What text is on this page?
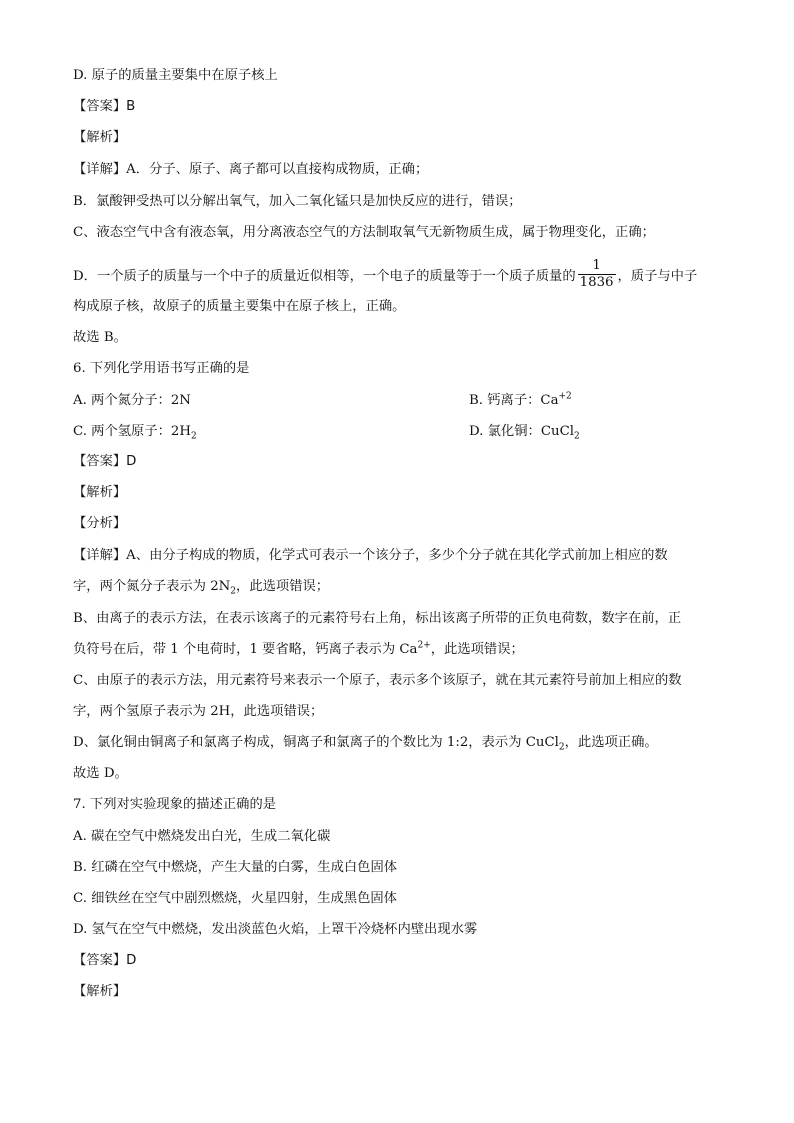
D. 原子的质量主要集中在原子核上
【答案】B
【解析】
【详解】A．分子、原子、离子都可以直接构成物质，正确；
B．氯酸钾受热可以分解出氧气，加入二氧化锰只是加快反应的进行，错误；
C、液态空气中含有液态氧，用分离液态空气的方法制取氧气无新物质生成，属于物理变化，正确；
D．一个质子的质量与一个中子的质量近似相等，一个电子的质量等于一个质子质量的 $\frac{1}{1836}$ ，质子与中子
构成原子核，故原子的质量主要集中在原子核上，正确。
故选 B。
6. 下列化学用语书写正确的是
A. 两个氮分子：2N	B. 钙离子：$Ca^{+2}$
C. 两个氢原子：$2H_2$	D. 氯化铜：CuCl$_2$
【答案】D
【解析】
【分析】
【详解】A、由分子构成的物质，化学式可表示一个该分子，多少个分子就在其化学式前加上相应的数
字，两个氮分子表示为 $2N_2$，此选项错误；
B、由离子的表示方法，在表示该离子的元素符号右上角，标出该离子所带的正负电荷数，数字在前，正
负符号在后，带 1 个电荷时，1 要省略，钙离子表示为 $Ca^{2+}$，此选项错误；
C、由原子的表示方法，用元素符号来表示一个原子，表示多个该原子，就在其元素符号前加上相应的数
字，两个氢原子表示为 2H，此选项错误；
D、氯化铜由铜离子和氯离子构成，铜离子和氯离子的个数比为 1:2，表示为 CuCl$_2$，此选项正确。
故选 D。
7. 下列对实验现象的描述正确的是
A. 碳在空气中燃烧发出白光，生成二氧化碳
B. 红磷在空气中燃烧，产生大量的白雾，生成白色固体
C. 细铁丝在空气中剧烈燃烧，火星四射，生成黑色固体
D. 氢气在空气中燃烧，发出淡蓝色火焰，上罩干冷烧杯内壁出现水雾
【答案】D
【解析】
